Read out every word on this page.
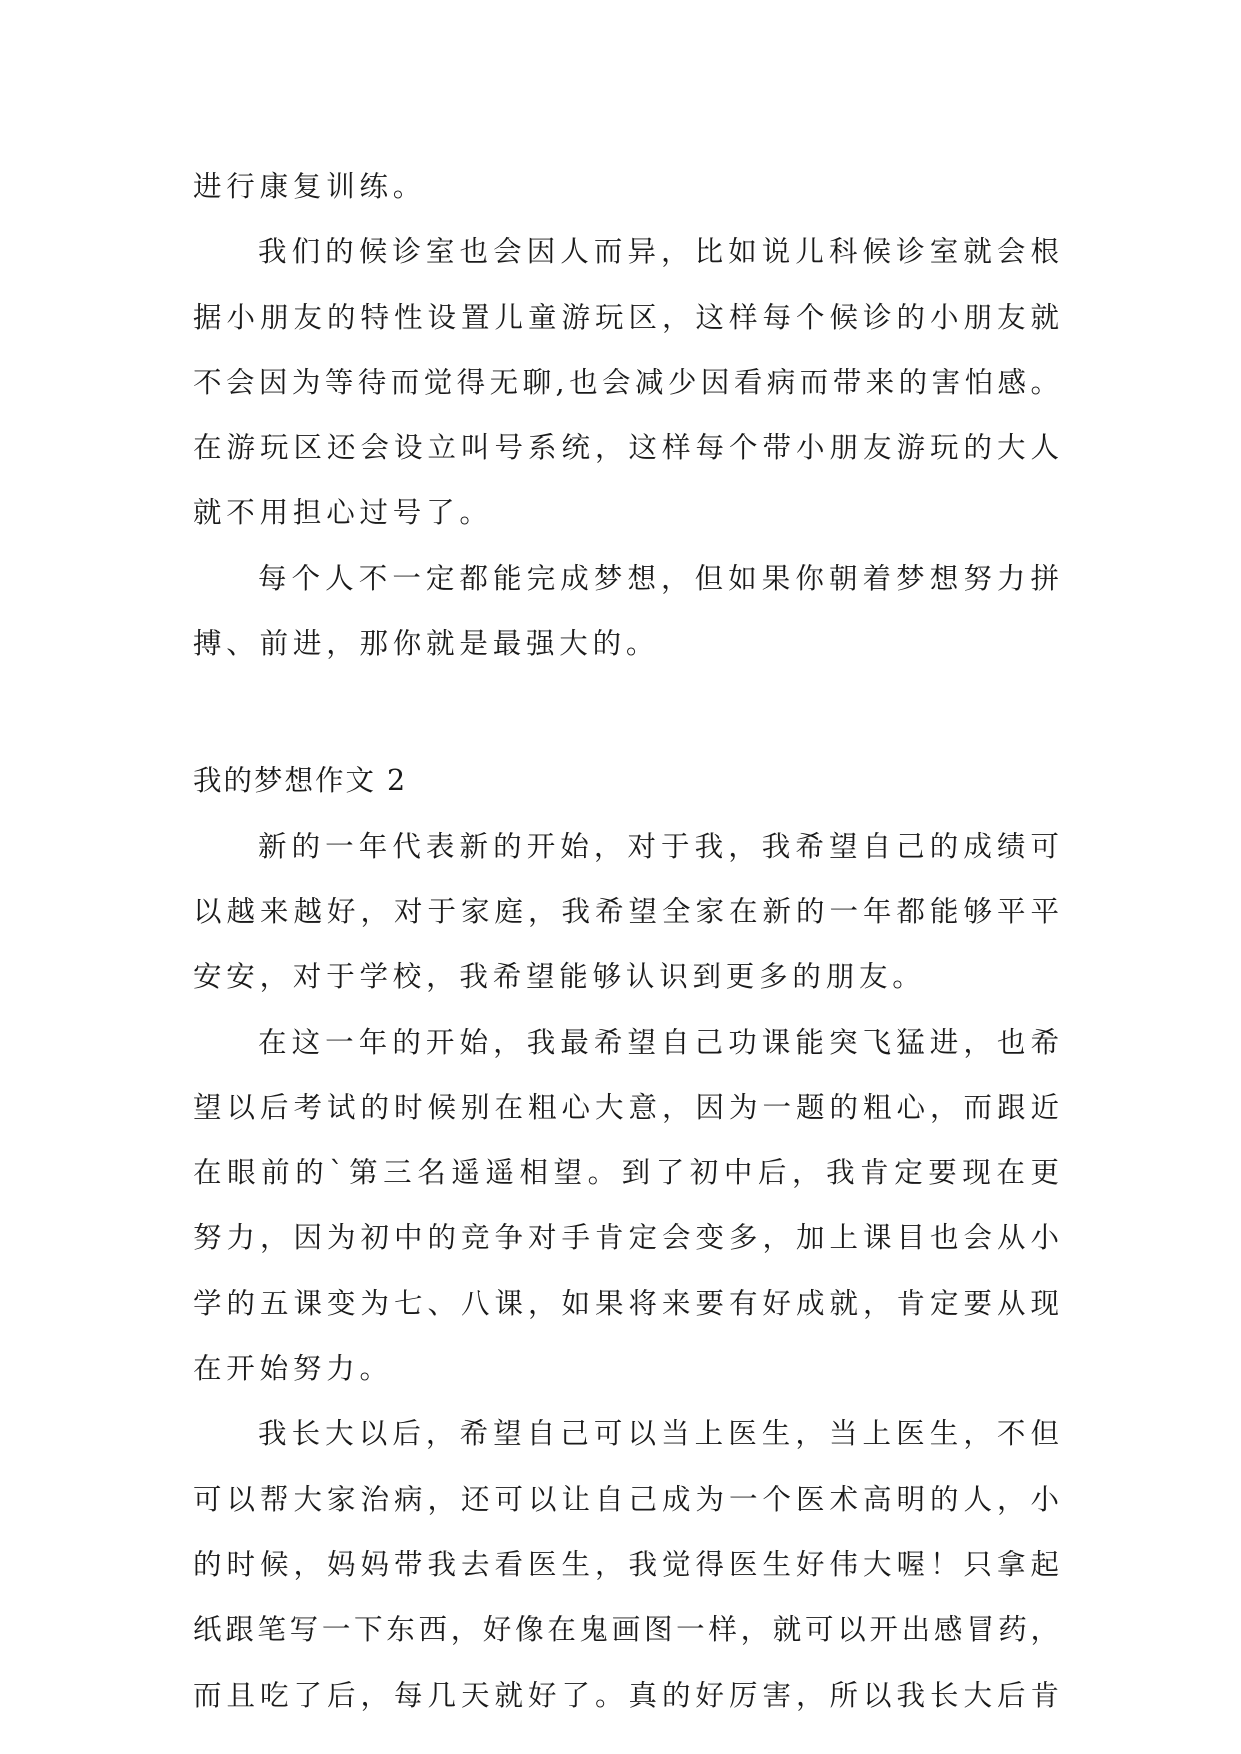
进行康复训练。
我们的候诊室也会因人而异，比如说儿科候诊室就会根
据小朋友的特性设置儿童游玩区，这样每个候诊的小朋友就
不会因为等待而觉得无聊,也会减少因看病而带来的害怕感。
在游玩区还会设立叫号系统，这样每个带小朋友游玩的大人
就不用担心过号了。
每个人不一定都能完成梦想，但如果你朝着梦想努力拼
搏、前进，那你就是最强大的。
我的梦想作文 2
新的一年代表新的开始，对于我，我希望自己的成绩可
以越来越好，对于家庭，我希望全家在新的一年都能够平平
安安，对于学校，我希望能够认识到更多的朋友。
在这一年的开始，我最希望自己功课能突飞猛进，也希
望以后考试的时候别在粗心大意，因为一题的粗心，而跟近
在眼前的`第三名遥遥相望。到了初中后，我肯定要现在更
努力，因为初中的竞争对手肯定会变多，加上课目也会从小
学的五课变为七、八课，如果将来要有好成就，肯定要从现
在开始努力。
我长大以后，希望自己可以当上医生，当上医生，不但
可以帮大家治病，还可以让自己成为一个医术高明的人，小
的时候，妈妈带我去看医生，我觉得医生好伟大喔！只拿起
纸跟笔写一下东西，好像在鬼画图一样，就可以开出感冒药，
而且吃了后，每几天就好了。真的好厉害，所以我长大后肯
